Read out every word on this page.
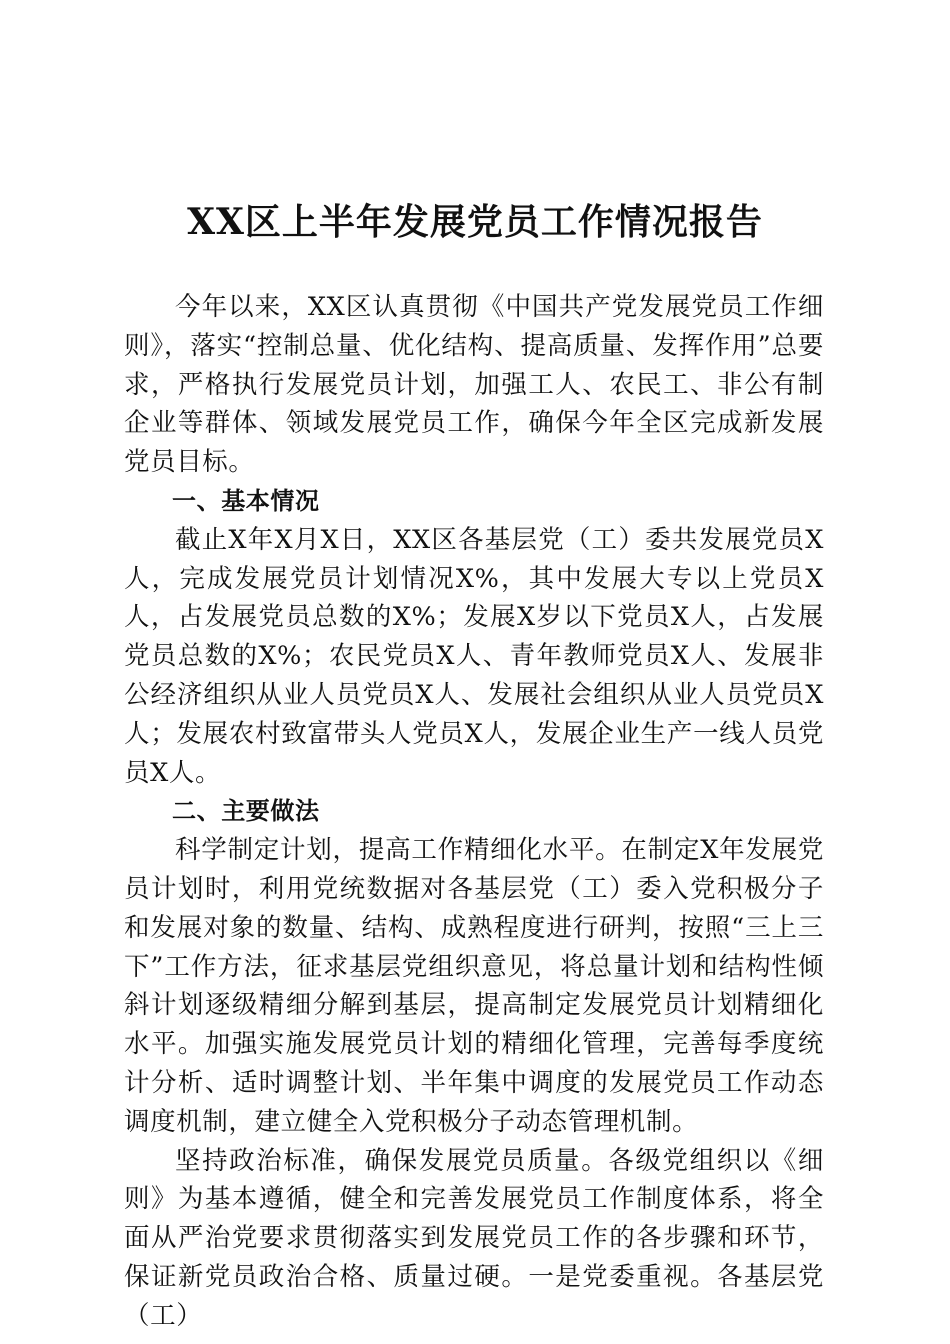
XX区上半年发展党员工作情况报告

今年以来，XX区认真贯彻《中国共产党发展党员工作细则》，落实“控制总量、优化结构、提高质量、发挥作用”总要求，严格执行发展党员计划，加强工人、农民工、非公有制企业等群体、领域发展党员工作，确保今年全区完成新发展党员目标。

一、基本情况

截止X年X月X日，XX区各基层党（工）委共发展党员X人，完成发展党员计划情况X%，其中发展大专以上党员X人，占发展党员总数的X%；发展X岁以下党员X人，占发展党员总数的X%；农民党员X人、青年教师党员X人、发展非公经济组织从业人员党员X人、发展社会组织从业人员党员X人；发展农村致富带头人党员X人，发展企业生产一线人员党员X人。

二、主要做法

科学制定计划，提高工作精细化水平。在制定X年发展党员计划时，利用党统数据对各基层党（工）委入党积极分子和发展对象的数量、结构、成熟程度进行研判，按照“三上三下”工作方法，征求基层党组织意见，将总量计划和结构性倾斜计划逐级精细分解到基层，提高制定发展党员计划精细化水平。加强实施发展党员计划的精细化管理，完善每季度统计分析、适时调整计划、半年集中调度的发展党员工作动态调度机制，建立健全入党积极分子动态管理机制。

坚持政治标准，确保发展党员质量。各级党组织以《细则》为基本遵循，健全和完善发展党员工作制度体系，将全面从严治党要求贯彻落实到发展党员工作的各步骤和环节，保证新党员政治合格、质量过硬。一是党委重视。各基层党（工）
